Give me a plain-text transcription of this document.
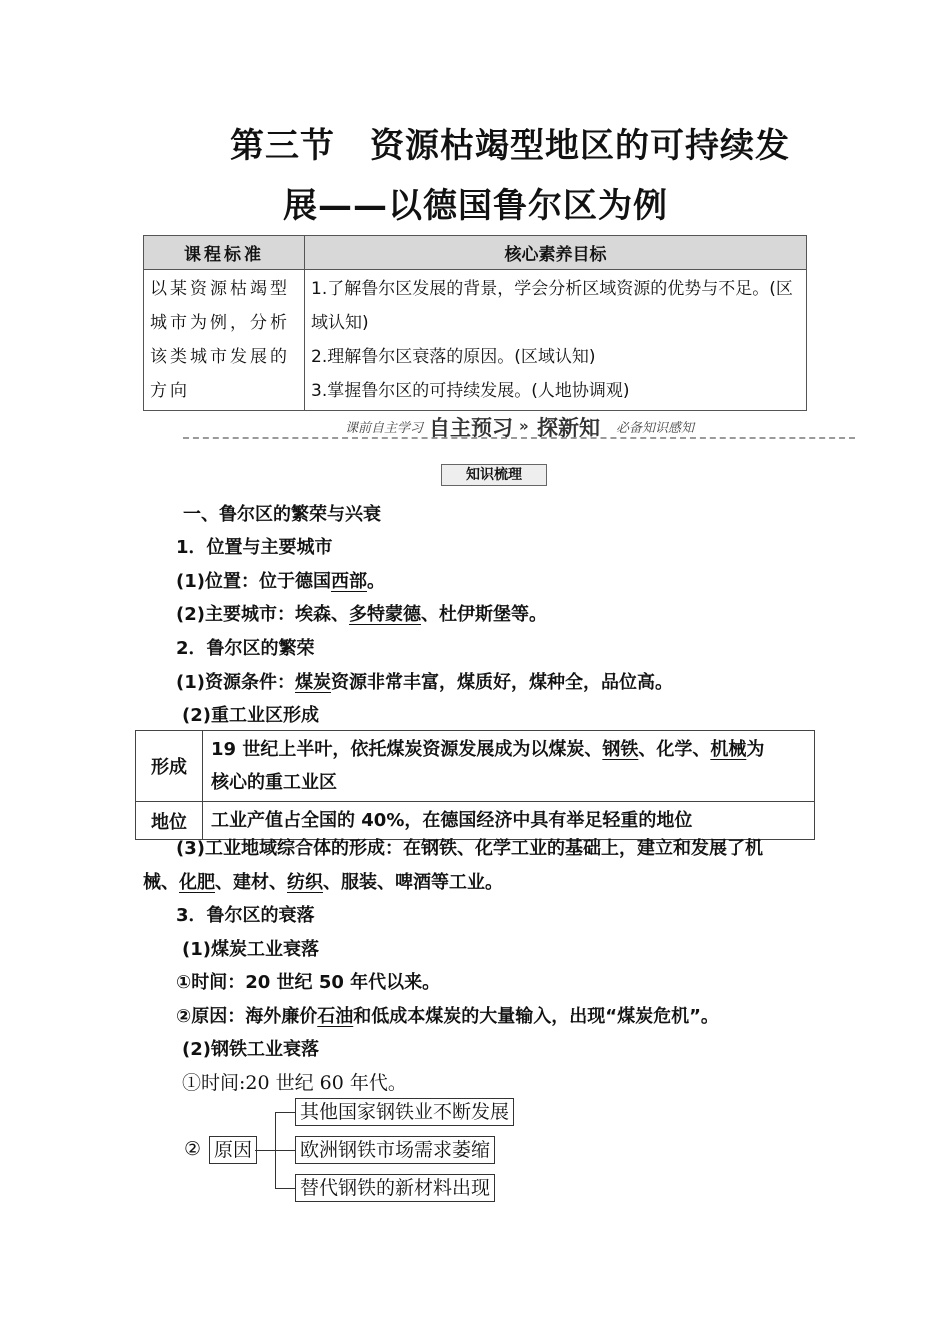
第三节　资源枯竭型地区的可持续发
展——以德国鲁尔区为例
课程标准	核心素养目标
以某资源枯竭型城市为例，分析该类城市发展的方向	1.了解鲁尔区发展的背景，学会分析区域资源的优势与不足。(区域认知)
2.理解鲁尔区衰落的原因。(区域认知)
3.掌握鲁尔区的可持续发展。(人地协调观)
课前自主学习 自主预习 » 探新知 必备知识感知
知识梳理
一、鲁尔区的繁荣与兴衰
1．位置与主要城市
(1)位置：位于德国西部。
(2)主要城市：埃森、多特蒙德、杜伊斯堡等。
2．鲁尔区的繁荣
(1)资源条件：煤炭资源非常丰富，煤质好，煤种全，品位高。
(2)重工业区形成
形成	19 世纪上半叶，依托煤炭资源发展成为以煤炭、钢铁、化学、机械为
核心的重工业区
地位	工业产值占全国的 40%，在德国经济中具有举足轻重的地位
(3)工业地域综合体的形成：在钢铁、化学工业的基础上，建立和发展了机
械、化肥、建材、纺织、服装、啤酒等工业。
3．鲁尔区的衰落
(1)煤炭工业衰落
①时间：20 世纪 50 年代以来。
②原因：海外廉价石油和低成本煤炭的大量输入，出现“煤炭危机”。
(2)钢铁工业衰落
①时间:20 世纪 60 年代。
② 原因
其他国家钢铁业不断发展
欧洲钢铁市场需求萎缩
替代钢铁的新材料出现
